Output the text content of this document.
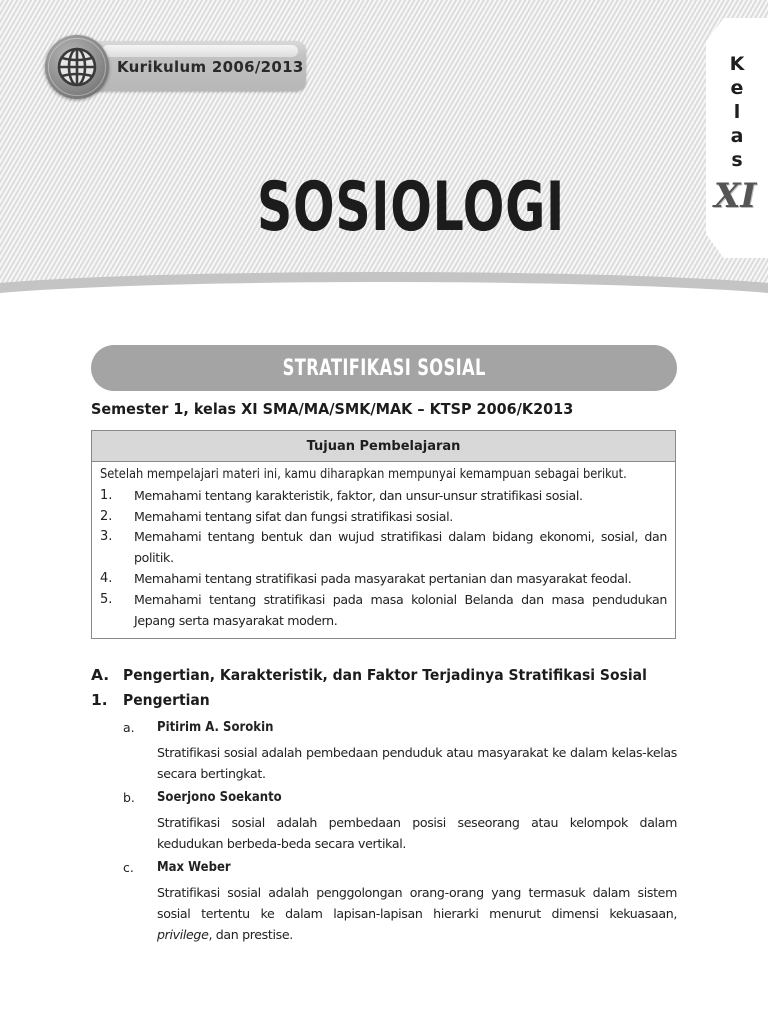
Kurikulum 2006/2013
SOSIOLOGI
K
e
l
a
s
XI
STRATIFIKASI SOSIAL
Semester 1, kelas XI SMA/MA/SMK/MAK – KTSP 2006/K2013
Tujuan Pembelajaran
Setelah mempelajari materi ini, kamu diharapkan mempunyai kemampuan sebagai berikut.
1.	Memahami tentang karakteristik, faktor, dan unsur-unsur stratifikasi sosial.
2.	Memahami tentang sifat dan fungsi stratifikasi sosial.
3.	Memahami tentang bentuk dan wujud stratifikasi dalam bidang ekonomi, sosial, dan politik.
4.	Memahami tentang stratifikasi pada masyarakat pertanian dan masyarakat feodal.
5.	Memahami tentang stratifikasi pada masa kolonial Belanda dan masa pendudukan Jepang serta masyarakat modern.
A. Pengertian, Karakteristik, dan Faktor Terjadinya Stratifikasi Sosial
1. Pengertian
a.	Pitirim A. Sorokin
Stratifikasi sosial adalah pembedaan penduduk atau masyarakat ke dalam kelas-kelas secara bertingkat.
b.	Soerjono Soekanto
Stratifikasi sosial adalah pembedaan posisi seseorang atau kelompok dalam kedudukan berbeda-beda secara vertikal.
c.	Max Weber
Stratifikasi sosial adalah penggolongan orang-orang yang termasuk dalam sistem sosial tertentu ke dalam lapisan-lapisan hierarki menurut dimensi kekuasaan, privilege, dan prestise.
